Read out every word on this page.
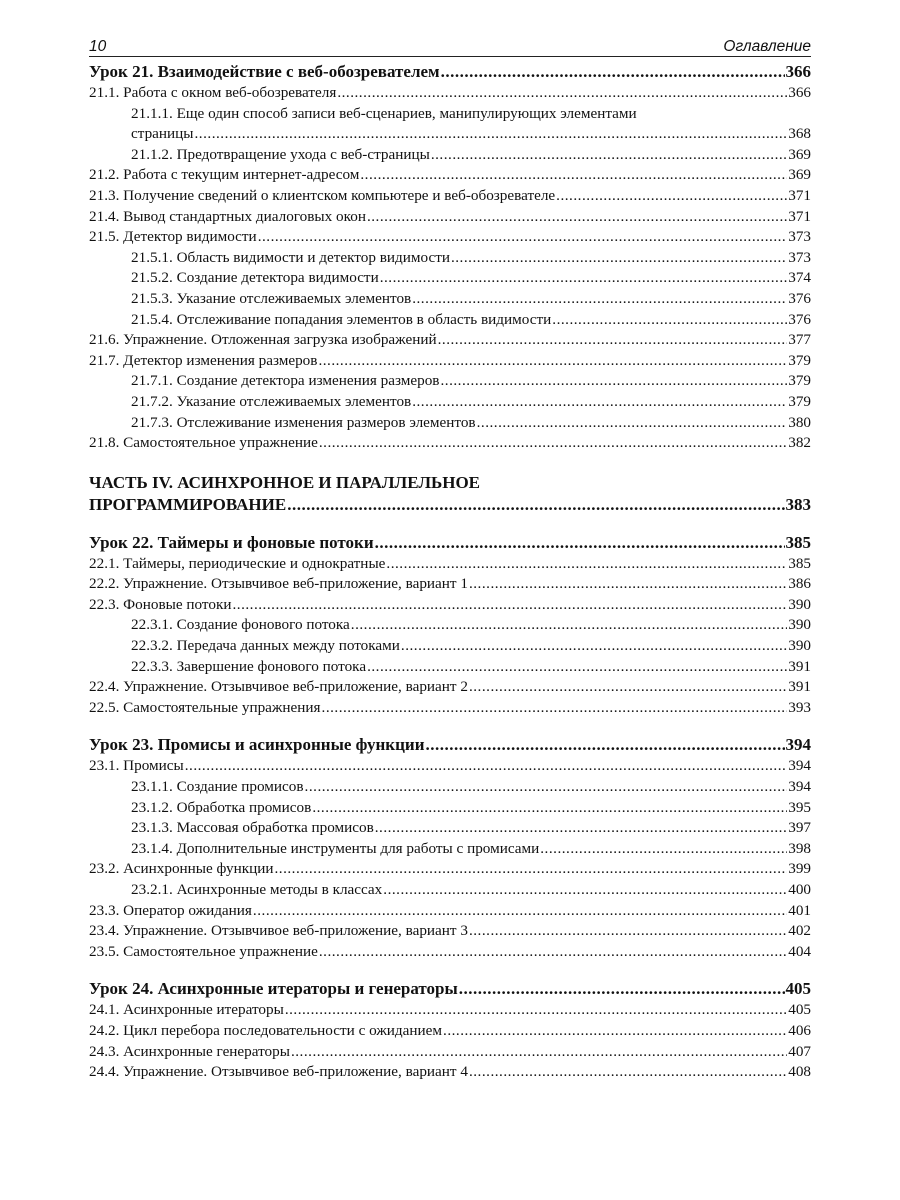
10	Оглавление
Урок 21. Взаимодействие с веб-обозревателем .....	366
21.1. Работа с окном веб-обозревателя .....	366
21.1.1. Еще один способ записи веб-сценариев, манипулирующих элементами
страницы .....	368
21.1.2. Предотвращение ухода с веб-страницы .....	369
21.2. Работа с текущим интернет-адресом .....	369
21.3. Получение сведений о клиентском компьютере и веб-обозревателе .....	371
21.4. Вывод стандартных диалоговых окон .....	371
21.5. Детектор видимости .....	373
21.5.1. Область видимости и детектор видимости .....	373
21.5.2. Создание детектора видимости .....	374
21.5.3. Указание отслеживаемых элементов .....	376
21.5.4. Отслеживание попадания элементов в область видимости .....	376
21.6. Упражнение. Отложенная загрузка изображений .....	377
21.7. Детектор изменения размеров .....	379
21.7.1. Создание детектора изменения размеров .....	379
21.7.2. Указание отслеживаемых элементов .....	379
21.7.3. Отслеживание изменения размеров элементов .....	380
21.8. Самостоятельное упражнение .....	382
ЧАСТЬ IV. АСИНХРОННОЕ И ПАРАЛЛЕЛЬНОЕ
ПРОГРАММИРОВАНИЕ .....	383
Урок 22. Таймеры и фоновые потоки .....	385
22.1. Таймеры, периодические и однократные .....	385
22.2. Упражнение. Отзывчивое веб-приложение, вариант 1 .....	386
22.3. Фоновые потоки .....	390
22.3.1. Создание фонового потока .....	390
22.3.2. Передача данных между потоками .....	390
22.3.3. Завершение фонового потока .....	391
22.4. Упражнение. Отзывчивое веб-приложение, вариант 2 .....	391
22.5. Самостоятельные упражнения .....	393
Урок 23. Промисы и асинхронные функции .....	394
23.1. Промисы .....	394
23.1.1. Создание промисов .....	394
23.1.2. Обработка промисов .....	395
23.1.3. Массовая обработка промисов .....	397
23.1.4. Дополнительные инструменты для работы с промисами .....	398
23.2. Асинхронные функции .....	399
23.2.1. Асинхронные методы в классах .....	400
23.3. Оператор ожидания .....	401
23.4. Упражнение. Отзывчивое веб-приложение, вариант 3 .....	402
23.5. Самостоятельное упражнение .....	404
Урок 24. Асинхронные итераторы и генераторы .....	405
24.1. Асинхронные итераторы .....	405
24.2. Цикл перебора последовательности с ожиданием .....	406
24.3. Асинхронные генераторы .....	407
24.4. Упражнение. Отзывчивое веб-приложение, вариант 4 .....	408
